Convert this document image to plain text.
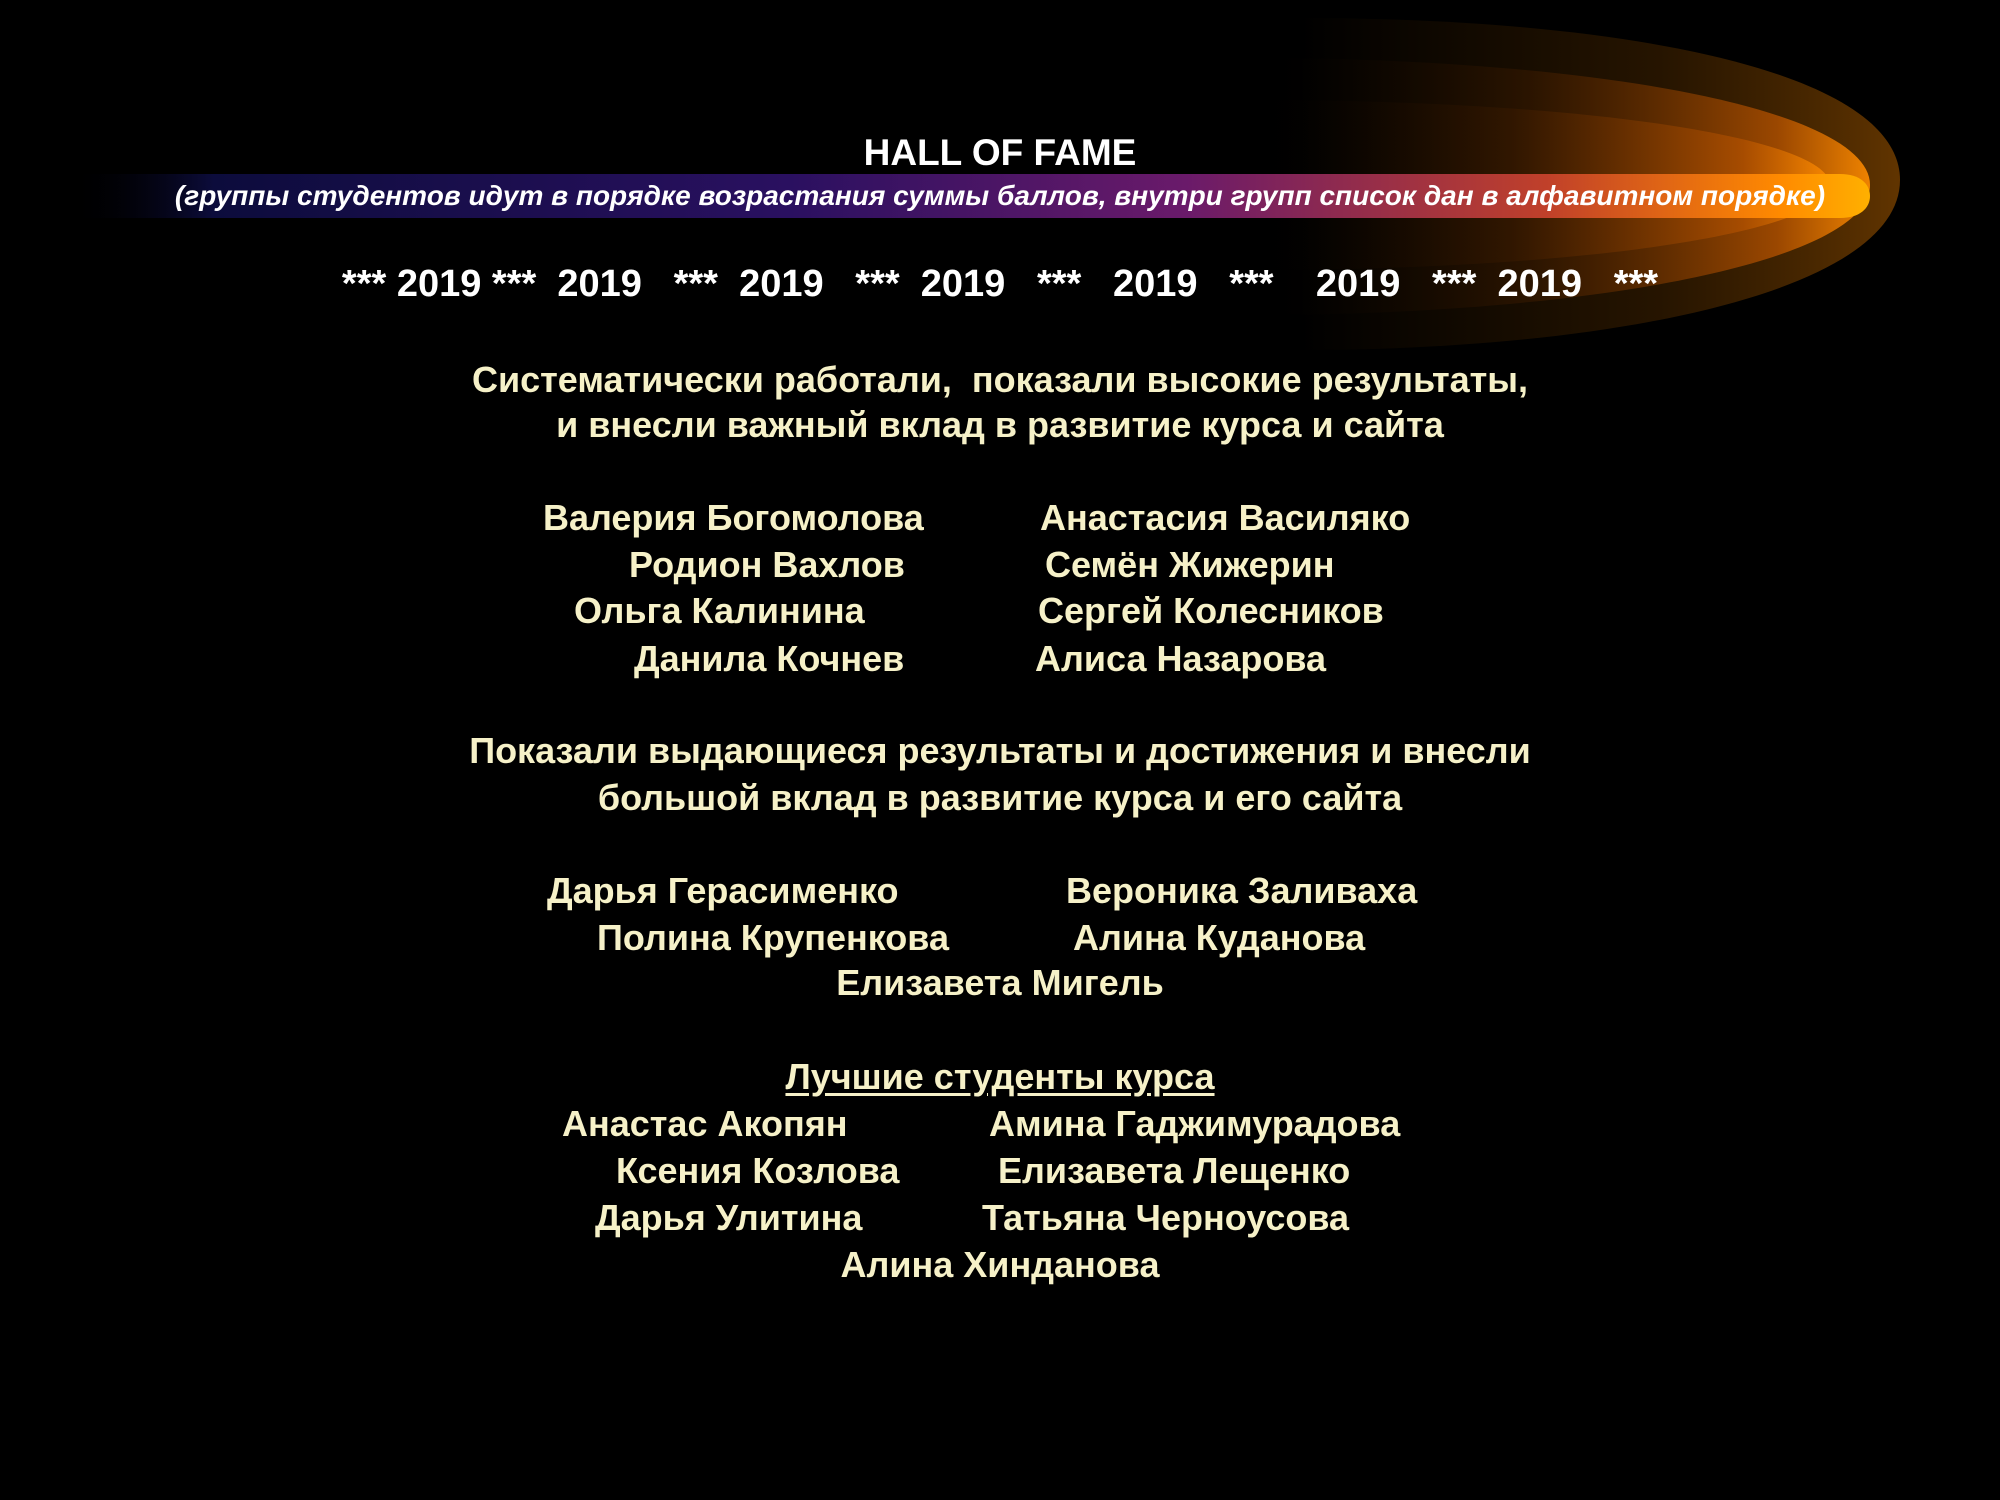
HALL OF FAME
(группы студентов идут в порядке возрастания суммы баллов, внутри групп список дан в алфавитном порядке)
*** 2019 ***  2019   ***  2019   ***  2019   ***   2019   ***    2019   ***  2019   ***
Систематически работали,  показали высокие результаты,
и внесли важный вклад в развитие курса и сайта
Валерия Богомолова	Анастасия Василяко
Родион Вахлов	Семён Жижерин
Ольга Калинина	Сергей Колесников
Данила Кочнев	Алиса Назарова
Показали выдающиеся результаты и достижения и внесли
большой вклад в развитие курса и его сайта
Дарья Герасименко	Вероника Заливаха
Полина Крупенкова	Алина Куданова
Елизавета Мигель
Лучшие студенты курса
Анастас Акопян	Амина Гаджимурадова
Ксения Козлова	Елизавета Лещенко
Дарья Улитина	Татьяна Черноусова
Алина Хинданова
